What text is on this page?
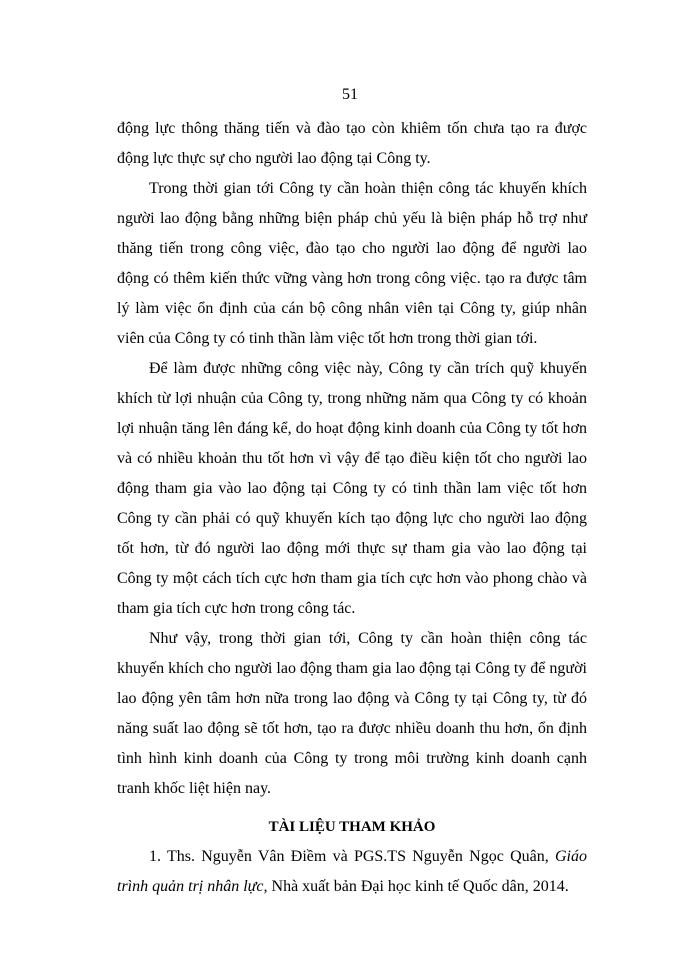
51

động lực thông thăng tiến và đào tạo còn khiêm tốn chưa tạo ra được động lực thực sự cho người lao động tại Công ty.

Trong thời gian tới Công ty cần hoàn thiện công tác khuyến khích người lao động bằng những biện pháp chủ yếu là biện pháp hỗ trợ như thăng tiến trong công việc, đào tạo cho người lao động để người lao động có thêm kiến thức vững vàng hơn trong công việc. tạo ra được tâm lý làm việc ổn định của cán bộ công nhân viên tại Công ty, giúp nhân viên của Công ty có tinh thần làm việc tốt hơn trong thời gian tới.

Để làm được những công việc này, Công ty cần trích quỹ khuyến khích từ lợi nhuận của Công ty, trong những năm qua Công ty có khoản lợi nhuận tăng lên đáng kể, do hoạt động kinh doanh của Công ty tốt hơn và có nhiều khoản thu tốt hơn vì vậy để tạo điều kiện tốt cho người lao động tham gia vào lao động tại Công ty có tinh thần lam việc tốt hơn Công ty cần phải có quỹ khuyến kích tạo động lực cho người lao động tốt hơn, từ đó người lao động mới thực sự tham gia vào lao động tại Công ty một cách tích cực hơn tham gia tích cực hơn vào phong chào và tham gia tích cực hơn trong công tác.

Như vậy, trong thời gian tới, Công ty cần hoàn thiện công tác khuyến khích cho người lao động tham gia lao động tại Công ty để người lao động yên tâm hơn nữa trong lao động và Công ty tại Công ty, từ đó năng suất lao động sẽ tốt hơn, tạo ra được nhiều doanh thu hơn, ổn định tình hình kinh doanh của Công ty trong môi trường kinh doanh cạnh tranh khốc liệt hiện nay.

TÀI LIỆU THAM KHẢO

1. Ths. Nguyễn Vân Điềm và PGS.TS Nguyễn Ngọc Quân, Giáo trình quản trị nhân lực, Nhà xuất bản Đại học kinh tế Quốc dân, 2014.
